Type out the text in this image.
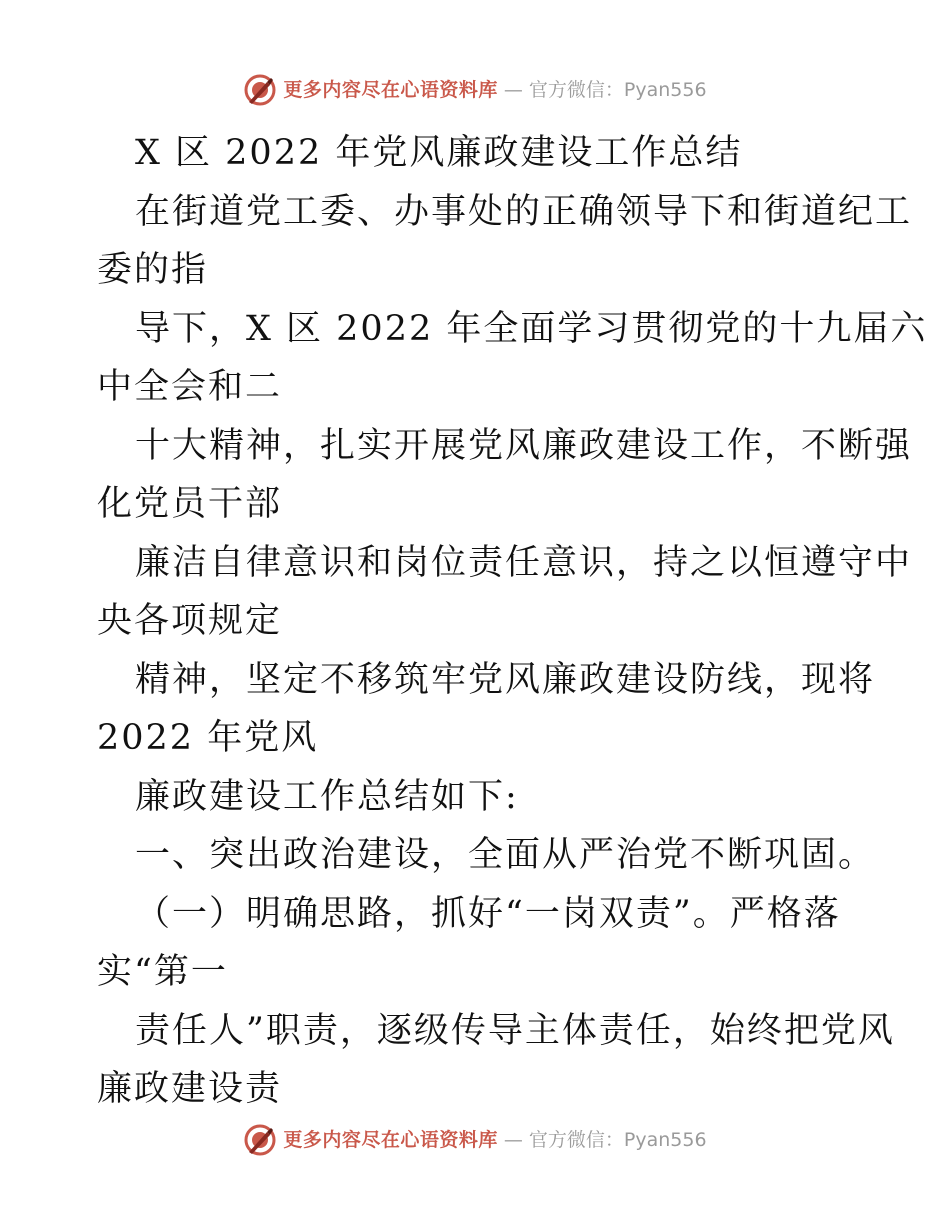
更多内容尽在心语资料库 — 官方微信：Pyan556
X 区 2022 年党风廉政建设工作总结
在街道党工委、办事处的正确领导下和街道纪工
委的指
导下，X 区 2022 年全面学习贯彻党的十九届六
中全会和二
十大精神，扎实开展党风廉政建设工作，不断强
化党员干部
廉洁自律意识和岗位责任意识，持之以恒遵守中
央各项规定
精神，坚定不移筑牢党风廉政建设防线，现将
2022 年党风
廉政建设工作总结如下:
一、突出政治建设，全面从严治党不断巩固。
（一）明确思路，抓好“一岗双责”。严格落
实“第一
责任人”职责，逐级传导主体责任，始终把党风
廉政建设责
更多内容尽在心语资料库 — 官方微信：Pyan556
